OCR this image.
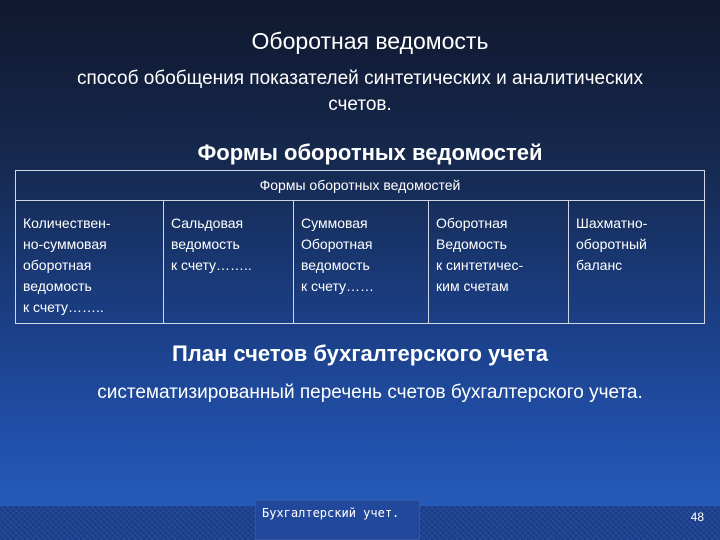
Оборотная ведомость
способ обобщения показателей синтетических и аналитических счетов.
Формы оборотных ведомостей
Формы оборотных ведомостей
Количествен-
но-суммовая
оборотная
ведомость
к счету……..
Сальдовая
ведомость
к счету……..
Суммовая
Оборотная
ведомость
к счету……
Оборотная
Ведомость
к синтетичес-
ким счетам
Шахматно-
оборотный
баланс
План счетов бухгалтерского учета
систематизированный перечень счетов бухгалтерского учета.
Бухгалтерский учет.	48
